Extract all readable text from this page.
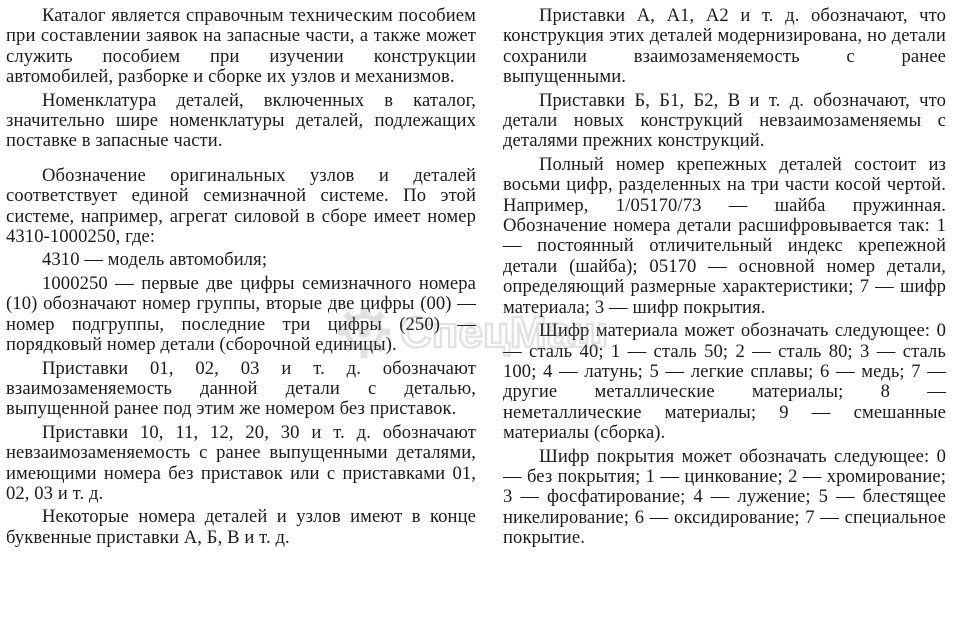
Каталог является справочным техническим пособием при составлении заявок на запасные части, а также может служить пособием при изучении конструкции автомобилей, разборке и сборке их узлов и механизмов.

Номенклатура деталей, включенных в каталог, значительно шире номенклатуры деталей, подлежащих поставке в запасные части.

Обозначение оригинальных узлов и деталей соответствует единой семизначной системе. По этой системе, например, агрегат силовой в сборе имеет номер 4310-1000250, где:

4310 — модель автомобиля;

1000250 — первые две цифры семизначного номера (10) обозначают номер группы, вторые две цифры (00) — номер подгруппы, последние три цифры (250) — порядковый номер детали (сборочной единицы).

Приставки 01, 02, 03 и т. д. обозначают взаимозаменяемость данной детали с деталью, выпущенной ранее под этим же номером без приставок.

Приставки 10, 11, 12, 20, 30 и т. д. обозначают невзаимозаменяемость с ранее выпущенными деталями, имеющими номера без приставок или с приставками 01, 02, 03 и т. д.

Некоторые номера деталей и узлов имеют в конце буквенные приставки А, Б, В и т. д.

Приставки А, А1, А2 и т. д. обозначают, что конструкция этих деталей модернизирована, но детали сохранили взаимозаменяемость с ранее выпущенными.

Приставки Б, Б1, Б2, В и т. д. обозначают, что детали новых конструкций невзаимозаменяемы с деталями прежних конструкций.

Полный номер крепежных деталей состоит из восьми цифр, разделенных на три части косой чертой. Например, 1/05170/73 — шайба пружинная. Обозначение номера детали расшифровывается так: 1 — постоянный отличительный индекс крепежной детали (шайба); 05170 — основной номер детали, определяющий размерные характеристики; 7 — шифр материала; 3 — шифр покрытия.

Шифр материала может обозначать следующее: 0 — сталь 40; 1 — сталь 50; 2 — сталь 80; 3 — сталь 100; 4 — латунь; 5 — легкие сплавы; 6 — медь; 7 — другие металлические материалы; 8 — неметаллические материалы; 9 — смешанные материалы (сборка).

Шифр покрытия может обозначать следующее: 0 — без покрытия; 1 — цинкование; 2 — хромирование; 3 — фосфатирование; 4 — лужение; 5 — блестящее никелирование; 6 — оксидирование; 7 — специальное покрытие.

СпецМаш
